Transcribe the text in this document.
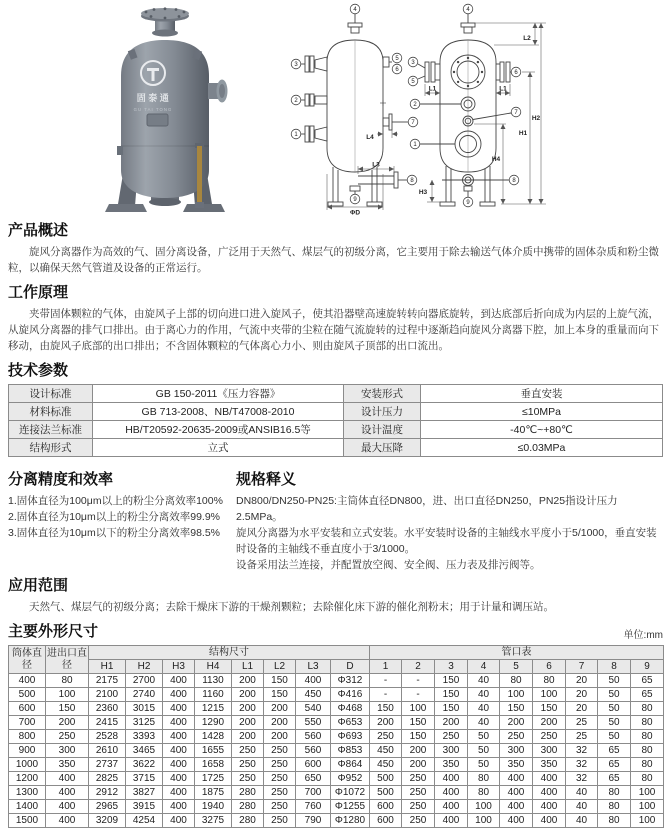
固泰通
GU TAI TONG
L4
L3
ΦD
4
3
2
1
5
6
7
8
9
L1	L1
L2
H1
H2
H3
H4
4
3
5
6
2
7
1
8
9
产品概述

旋风分离器作为高效的气、固分离设备，广泛用于天然气、煤层气的初级分离，它主要用于除去输送气体介质中携带的固体杂质和粉尘微粒，以确保天然气管道及设备的正常运行。

工作原理

夹带固体颗粒的气体，由旋风子上部的切向进口进入旋风子，使其沿器壁高速旋转转向器底旋转，到达底部后折向成为内层的上旋气流，从旋风分离器的排气口排出。由于离心力的作用，气流中夹带的尘粒在随气流旋转的过程中逐渐趋向旋风分离器下腔，加上本身的重量而向下移动，由旋风子底部的出口排出；不含固体颗粒的气体离心力小、则由旋风子顶部的出口流出。

技术参数
设计标准	GB 150-2011《压力容器》	安装形式	垂直安装
材料标准	GB 713-2008、NB/T47008-2010	设计压力	≤10MPa
连接法兰标准	HB/T20592-20635-2009或ANSIB16.5等	设计温度	-40℃~+80℃
结构形式	立式	最大压降	≤0.03MPa
分离精度和效率
1.固体直径为100μm以上的粉尘分离效率100%
2.固体直径为10μm以上的粉尘分离效率99.9%
3.固体直径为10μm以下的粉尘分离效率98.5%
规格释义
DN800/DN250-PN25:主筒体直径DN800，进、出口直径DN250，PN25指设计压力2.5MPa。
旋风分离器为水平安装和立式安装。水平安装时设备的主轴线水平度小于5/1000，垂直安装时设备的主轴线不垂直度小于3/1000。
设备采用法兰连接，并配置放空阀、安全阀、压力表及排污阀等。
应用范围

天然气、煤层气的初级分离；去除干燥床下游的干燥剂颗粒；去除催化床下游的催化剂粉末；用于计量和调压站。

主要外形尺寸	单位:mm
筒体直径	进出口直径	结构尺寸								管口表								
		H1	H2	H3	H4	L1	L2	L3	D	1	2	3	4	5	6	7	8	9
400	80	2175	2700	400	1130	200	150	400	Φ312	-	-	150	40	80	80	20	50	65
500	100	2100	2740	400	1160	200	150	450	Φ416	-	-	150	40	100	100	20	50	65
600	150	2360	3015	400	1215	200	200	540	Φ468	150	100	150	40	150	150	20	50	80
700	200	2415	3125	400	1290	200	200	550	Φ653	200	150	200	40	200	200	25	50	80
800	250	2528	3393	400	1428	200	200	560	Φ693	250	150	250	50	250	250	25	50	80
900	300	2610	3465	400	1655	250	250	560	Φ853	450	200	300	50	300	300	32	65	80
1000	350	2737	3622	400	1658	250	250	600	Φ864	450	200	350	50	350	350	32	65	80
1200	400	2825	3715	400	1725	250	250	650	Φ952	500	250	400	80	400	400	32	65	80
1300	400	2912	3827	400	1875	280	250	700	Φ1072	500	250	400	80	400	400	40	80	100
1400	400	2965	3915	400	1940	280	250	760	Φ1255	600	250	400	100	400	400	40	80	100
1500	400	3209	4254	400	3275	280	250	790	Φ1280	600	250	400	100	400	400	40	80	100
